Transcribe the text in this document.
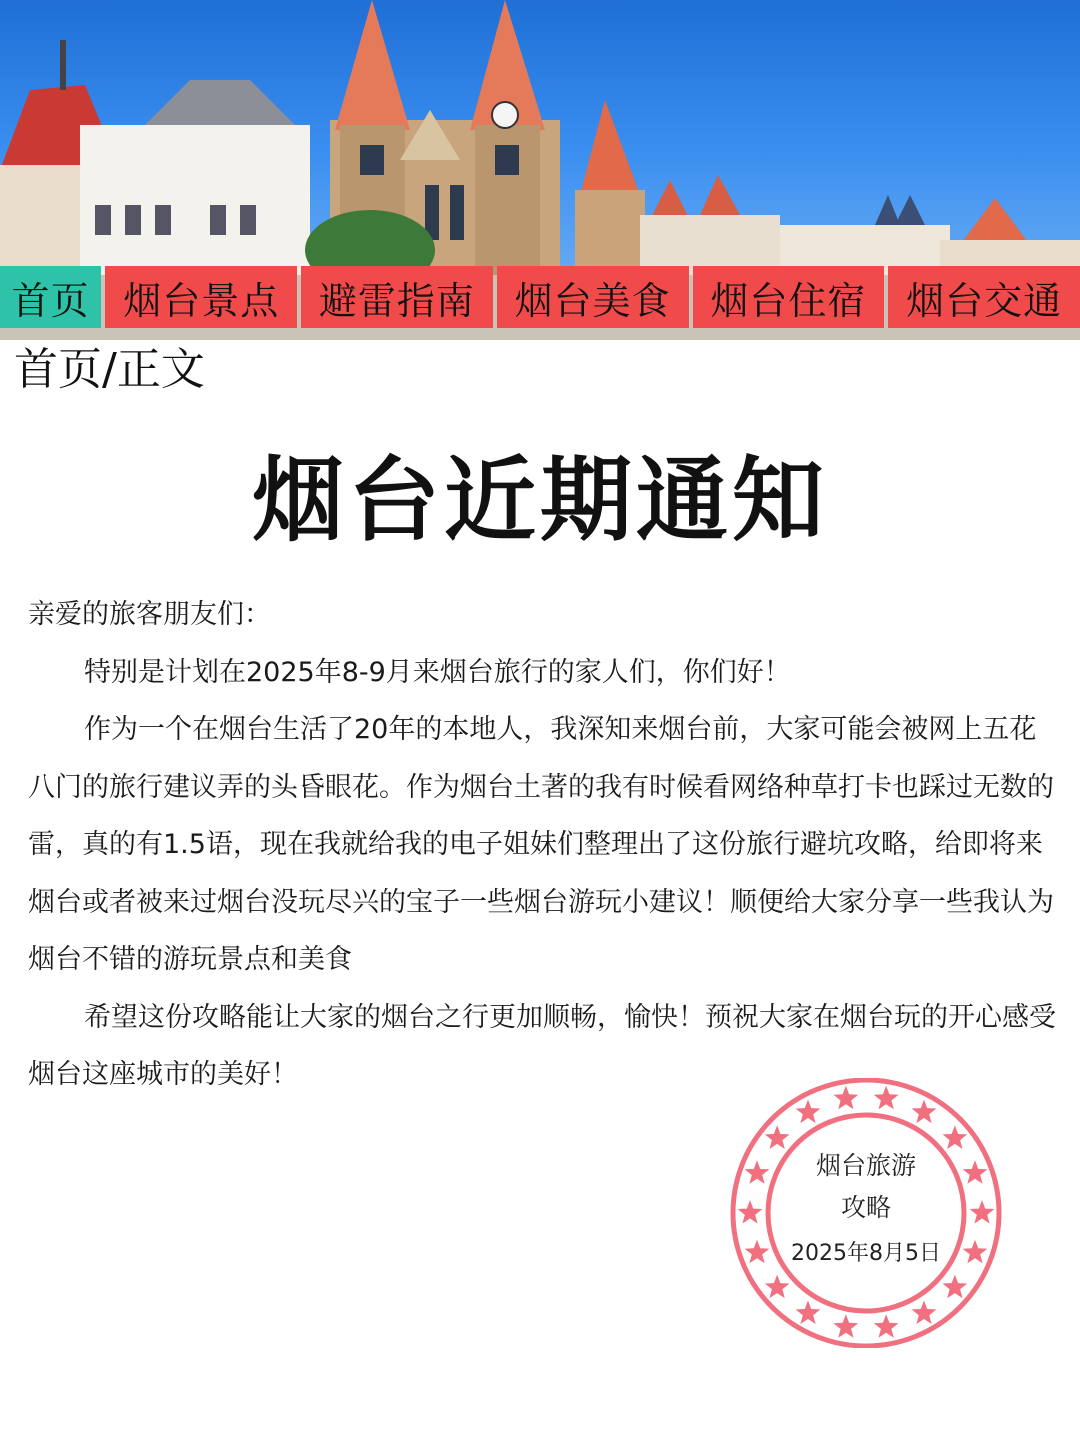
首页 烟台景点	避雷指南	烟台美食	烟台住宿	烟台交通
首页/正文
烟台近期通知

亲爱的旅客朋友们：

特别是计划在2025年8-9月来烟台旅行的家人们，你们好！

作为一个在烟台生活了20年的本地人，我深知来烟台前，大家可能会被网上五花八门的旅行建议弄的头昏眼花。作为烟台土著的我有时候看网络种草打卡也踩过无数的雷，真的有1.5语，现在我就给我的电子姐妹们整理出了这份旅行避坑攻略，给即将来烟台或者被来过烟台没玩尽兴的宝子一些烟台游玩小建议！顺便给大家分享一些我认为烟台不错的游玩景点和美食

希望这份攻略能让大家的烟台之行更加顺畅，愉快！预祝大家在烟台玩的开心感受烟台这座城市的美好！

烟台旅游
攻略
2025年8月5日
